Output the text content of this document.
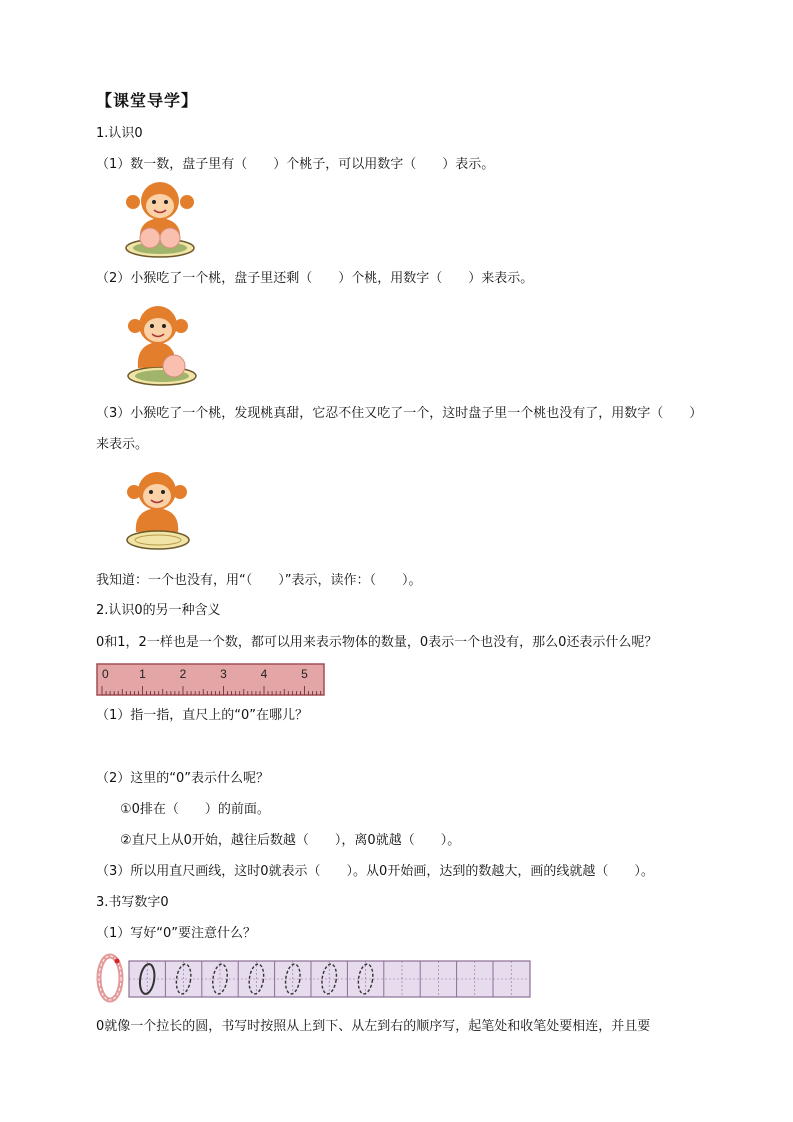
【课堂导学】
1.认识0
（1）数一数，盘子里有（　　）个桃子，可以用数字（　　）表示。
（2）小猴吃了一个桃，盘子里还剩（　　）个桃，用数字（　　）来表示。
（3）小猴吃了一个桃，发现桃真甜，它忍不住又吃了一个，这时盘子里一个桃也没有了，用数字（　　）
来表示。
我知道：一个也没有，用“（　　）”表示，读作：（　　）。
2.认识0的另一种含义
0和1，2一样也是一个数，都可以用来表示物体的数量，0表示一个也没有，那么0还表示什么呢？
0	1	2	3	4	5
（1）指一指，直尺上的“0”在哪儿？
（2）这里的“0”表示什么呢？
①0排在（　　）的前面。
②直尺上从0开始，越往后数越（　　），离0就越（　　）。
（3）所以用直尺画线，这时0就表示（　　）。从0开始画，达到的数越大，画的线就越（　　）。
3.书写数字0
（1）写好“0”要注意什么？
0就像一个拉长的圆，书写时按照从上到下、从左到右的顺序写，起笔处和收笔处要相连，并且要
